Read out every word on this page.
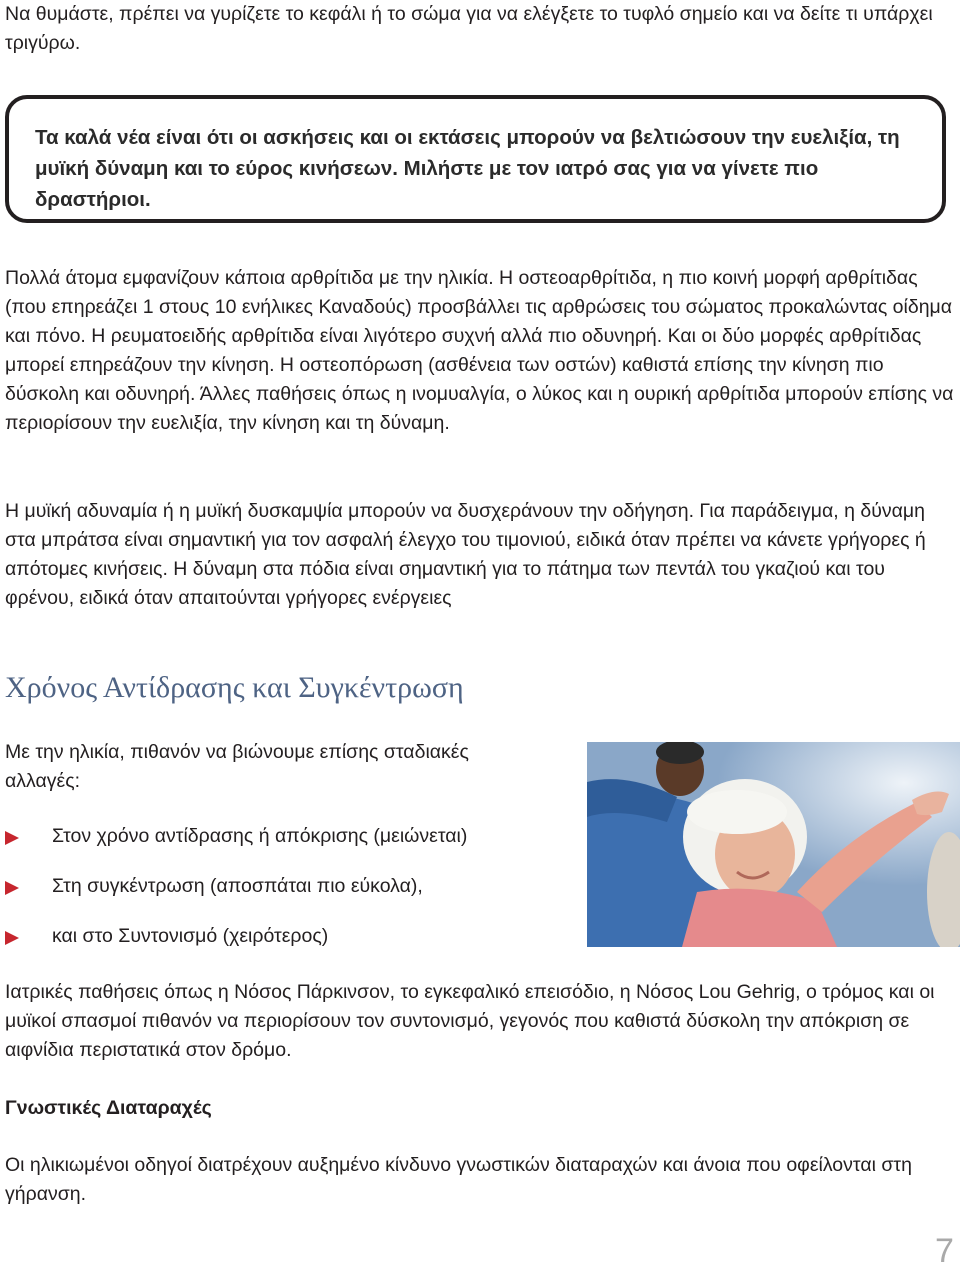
Να θυμάστε, πρέπει να γυρίζετε το κεφάλι ή το σώμα για να ελέγξετε το τυφλό σημείο και να δείτε τι υπάρχει τριγύρω.

Τα καλά νέα είναι ότι οι ασκήσεις και οι εκτάσεις μπορούν να βελτιώσουν την ευελιξία, τη μυϊκή δύναμη και το εύρος κινήσεων. Μιλήστε με τον ιατρό σας για να γίνετε πιο δραστήριοι.

Πολλά άτομα εμφανίζουν κάποια αρθρίτιδα με την ηλικία. Η οστεοαρθρίτιδα, η πιο κοινή μορφή αρθρίτιδας (που επηρεάζει 1 στους 10 ενήλικες Καναδούς) προσβάλλει τις αρθρώσεις του σώματος προκαλώντας οίδημα και πόνο. Η ρευματοειδής αρθρίτιδα είναι λιγότερο συχνή αλλά πιο οδυνηρή. Και οι δύο μορφές αρθρίτιδας μπορεί επηρεάζουν την κίνηση. Η οστεοπόρωση (ασθένεια των οστών) καθιστά επίσης την κίνηση πιο δύσκολη και οδυνηρή. Άλλες παθήσεις όπως η ινομυαλγία, ο λύκος και η ουρική αρθρίτιδα μπορούν επίσης να περιορίσουν την ευελιξία, την κίνηση και τη δύναμη.

Η μυϊκή αδυναμία ή η μυϊκή δυσκαμψία μπορούν να δυσχεράνουν την οδήγηση. Για παράδειγμα, η δύναμη στα μπράτσα είναι σημαντική για τον ασφαλή έλεγχο του τιμονιού, ειδικά όταν πρέπει να κάνετε γρήγορες ή απότομες κινήσεις. Η δύναμη στα πόδια είναι σημαντική για το πάτημα των πεντάλ του γκαζιού και του φρένου, ειδικά όταν απαιτούνται γρήγορες ενέργειες

Χρόνος Αντίδρασης και Συγκέντρωση

Με την ηλικία, πιθανόν να βιώνουμε επίσης σταδιακές αλλαγές:

Στον χρόνο αντίδρασης ή απόκρισης (μειώνεται)
Στη συγκέντρωση (αποσπάται πιο εύκολα),
και στο Συντονισμό (χειρότερος)

Ιατρικές παθήσεις όπως η Νόσος Πάρκινσον, το εγκεφαλικό επεισόδιο, η Νόσος Lou Gehrig, ο τρόμος και οι μυϊκοί σπασμοί πιθανόν να περιορίσουν τον συντονισμό, γεγονός που καθιστά δύσκολη την απόκριση σε αιφνίδια περιστατικά στον δρόμο.

Γνωστικές Διαταραχές

Οι ηλικιωμένοι οδηγοί διατρέχουν αυξημένο κίνδυνο γνωστικών διαταραχών και άνοια που οφείλονται στη γήρανση.

7
